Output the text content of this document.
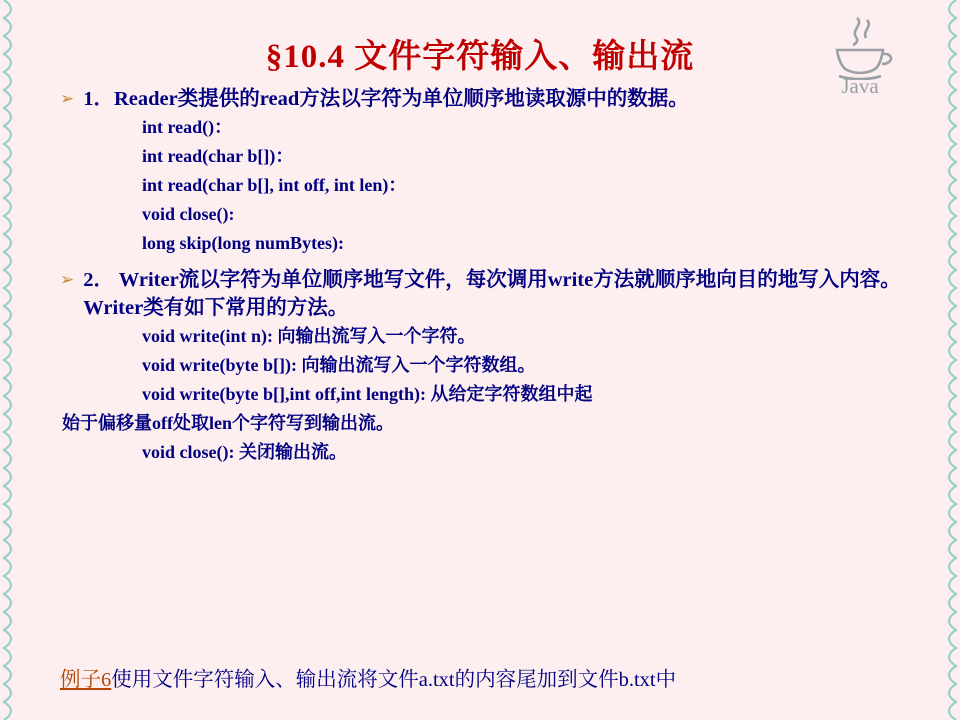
Java
§10.4 文件字符输入、输出流
➢ 1．Reader类提供的read方法以字符为单位顺序地读取源中的数据。
int read()：
int read(char b[])：
int read(char b[], int off, int len)：
void close():
long skip(long numBytes):
➢ 2． Writer流以字符为单位顺序地写文件，每次调用write方法就顺序地向目的地写入内容。 Writer类有如下常用的方法。
void write(int n): 向输出流写入一个字符。
void write(byte b[]): 向输出流写入一个字符数组。
void write(byte b[],int off,int length): 从给定字符数组中起
始于偏移量off处取len个字符写到输出流。
void close(): 关闭输出流。
例子6使用文件字符输入、输出流将文件a.txt的内容尾加到文件b.txt中
